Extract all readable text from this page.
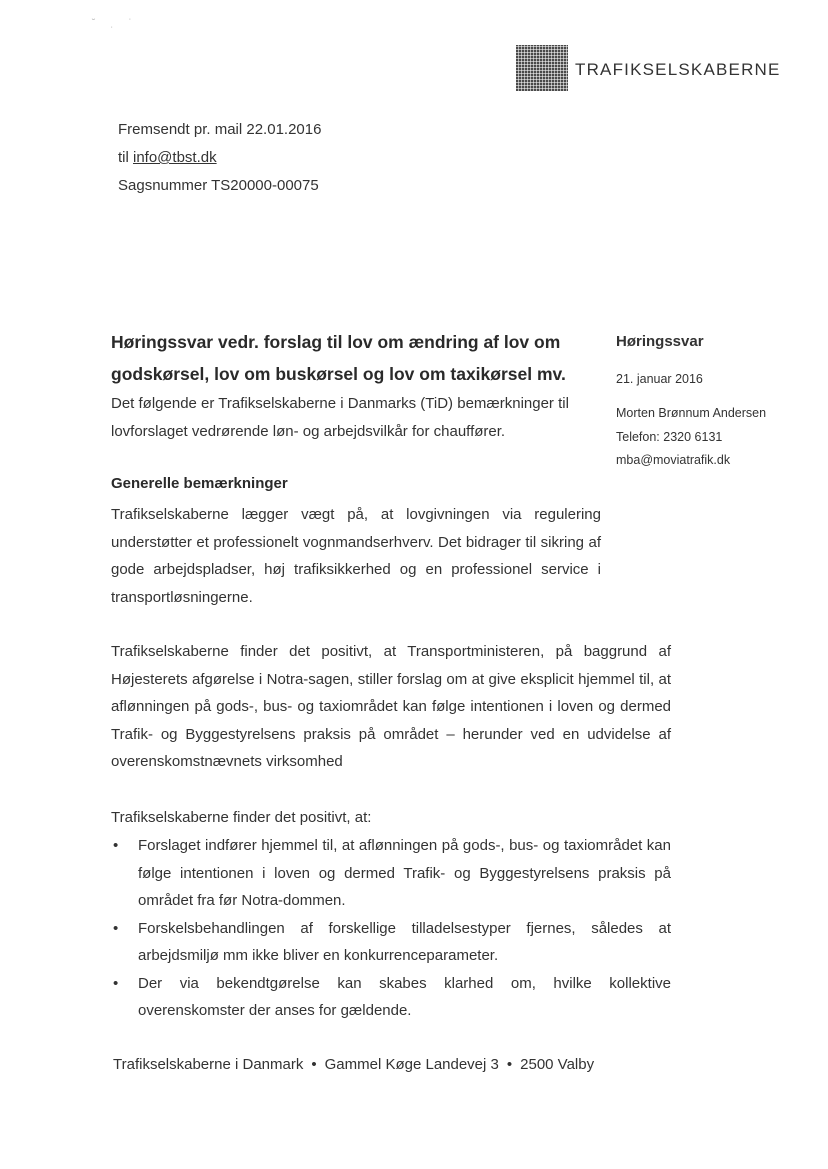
˘ ˌ ˈ
TRAFIKSELSKABERNE
Fremsendt pr. mail 22.01.2016
til info@tbst.dk
Sagsnummer TS20000-00075
Høringssvar vedr. forslag til lov om ændring af lov om
godskørsel, lov om buskørsel og lov om taxikørsel mv.
Det følgende er Trafikselskaberne i Danmarks (TiD) bemærkninger til lovforslaget vedrørende løn- og arbejdsvilkår for chauffører.
Generelle bemærkninger
Trafikselskaberne lægger vægt på, at lovgivningen via regulering understøtter et professionelt vognmandserhverv. Det bidrager til sikring af gode arbejdspladser, høj trafiksikkerhed og en professionel service i transportløsningerne.
Trafikselskaberne finder det positivt, at Transportministeren, på baggrund af Højesterets afgørelse i Notra-sagen, stiller forslag om at give eksplicit hjemmel til, at aflønningen på gods-, bus- og taxiområdet kan følge intentionen i loven og dermed Trafik- og Byggestyrelsens praksis på området – herunder ved en udvidelse af overenskomstnævnets virksomhed
Trafikselskaberne finder det positivt, at:
• Forslaget indfører hjemmel til, at aflønningen på gods-, bus- og taxiområdet kan følge intentionen i loven og dermed Trafik- og Byggestyrelsens praksis på området fra før Notra-dommen.
• Forskelsbehandlingen af forskellige tilladelsestyper fjernes, således at arbejdsmiljø mm ikke bliver en konkurrenceparameter.
• Der via bekendtgørelse kan skabes klarhed om, hvilke kollektive overenskomster der anses for gældende.
Høringssvar
21. januar 2016
Morten Brønnum Andersen
Telefon: 2320 6131
mba@moviatrafik.dk
Trafikselskaberne i Danmark • Gammel Køge Landevej 3 • 2500 Valby
